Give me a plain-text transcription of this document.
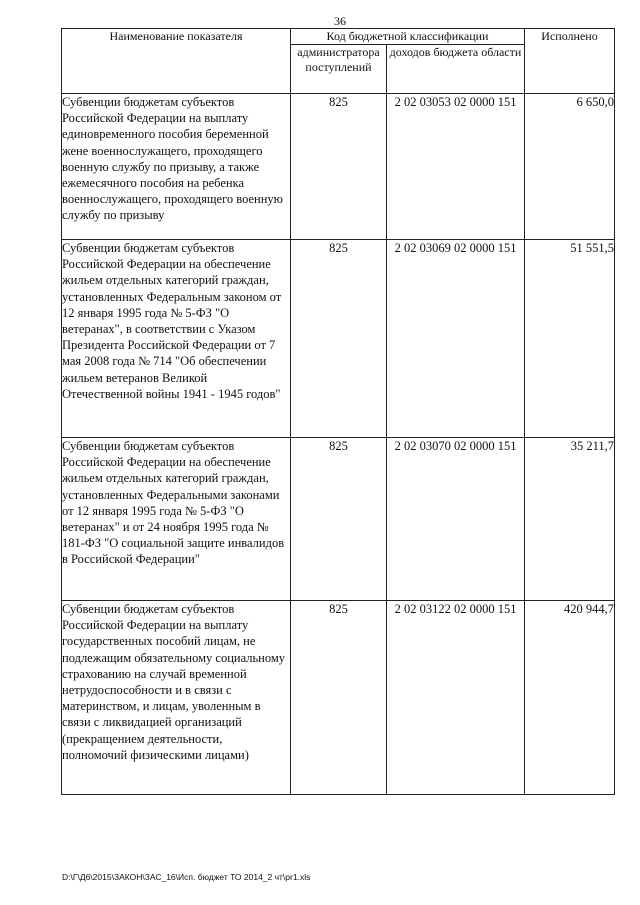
36
Наименование показателя	Код бюджетной классификации		Исполнено
	администратора поступлений	доходов бюджета области	
Субвенции бюджетам субъектов Российской Федерации на выплату единовременного пособия беременной жене военнослужащего, проходящего военную службу по призыву, а также ежемесячного пособия на ребенка военнослужащего, проходящего военную службу по призыву	825	2 02 03053 02 0000 151	6 650,0
Субвенции бюджетам субъектов Российской Федерации на обеспечение жильем отдельных категорий граждан, установленных Федеральным законом от 12 января 1995 года № 5-ФЗ "О ветеранах", в соответствии с Указом Президента Российской Федерации от 7 мая 2008 года № 714 "Об обеспечении жильем ветеранов Великой Отечественной войны 1941 - 1945 годов"	825	2 02 03069 02 0000 151	51 551,5
Субвенции бюджетам субъектов Российской Федерации на обеспечение жильем отдельных категорий граждан, установленных Федеральными законами от 12 января 1995 года № 5-ФЗ "О ветеранах" и от 24 ноября 1995 года № 181-ФЗ "О социальной защите инвалидов в Российской Федерации"	825	2 02 03070 02 0000 151	35 211,7
Субвенции бюджетам субъектов Российской Федерации на выплату государственных пособий лицам, не подлежащим обязательному социальному страхованию на случай временной нетрудоспособности и в связи с материнством, и лицам, уволенным в связи с ликвидацией организаций (прекращением деятельности, полномочий физическими лицами)	825	2 02 03122 02 0000 151	420 944,7
D:\Г\Д6\2015\ЗАКОН\ЗАС_16\Исп. бюджет ТО 2014_2 чт\pr1.xls
